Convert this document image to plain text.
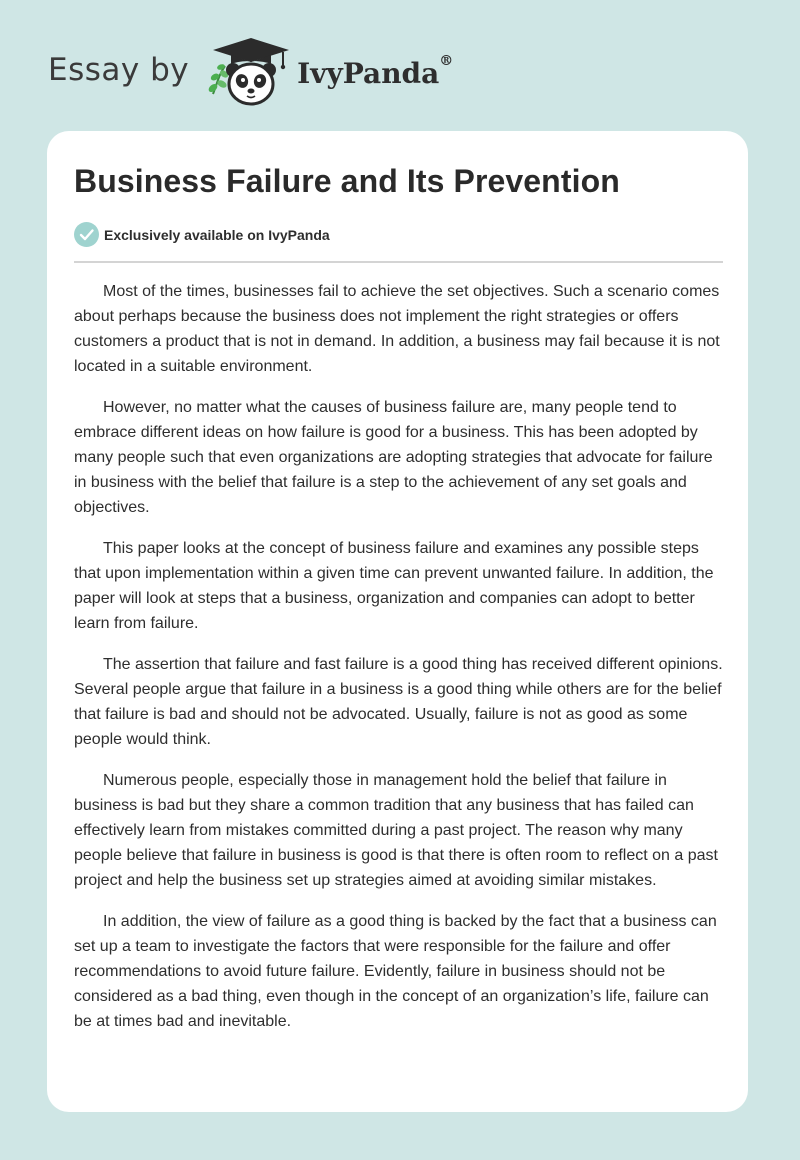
Essay by	IvyPanda®
Business Failure and Its Prevention
Exclusively available on IvyPanda

Most of the times, businesses fail to achieve the set objectives. Such a scenario comes about perhaps because the business does not implement the right strategies or offers customers a product that is not in demand. In addition, a business may fail because it is not located in a suitable environment.

However, no matter what the causes of business failure are, many people tend to embrace different ideas on how failure is good for a business. This has been adopted by many people such that even organizations are adopting strategies that advocate for failure in business with the belief that failure is a step to the achievement of any set goals and objectives.

This paper looks at the concept of business failure and examines any possible steps that upon implementation within a given time can prevent unwanted failure. In addition, the paper will look at steps that a business, organization and companies can adopt to better learn from failure.

The assertion that failure and fast failure is a good thing has received different opinions. Several people argue that failure in a business is a good thing while others are for the belief that failure is bad and should not be advocated. Usually, failure is not as good as some people would think.

Numerous people, especially those in management hold the belief that failure in business is bad but they share a common tradition that any business that has failed can effectively learn from mistakes committed during a past project. The reason why many people believe that failure in business is good is that there is often room to reflect on a past project and help the business set up strategies aimed at avoiding similar mistakes.

In addition, the view of failure as a good thing is backed by the fact that a business can set up a team to investigate the factors that were responsible for the failure and offer recommendations to avoid future failure. Evidently, failure in business should not be considered as a bad thing, even though in the concept of an organization’s life, failure can be at times bad and inevitable.
